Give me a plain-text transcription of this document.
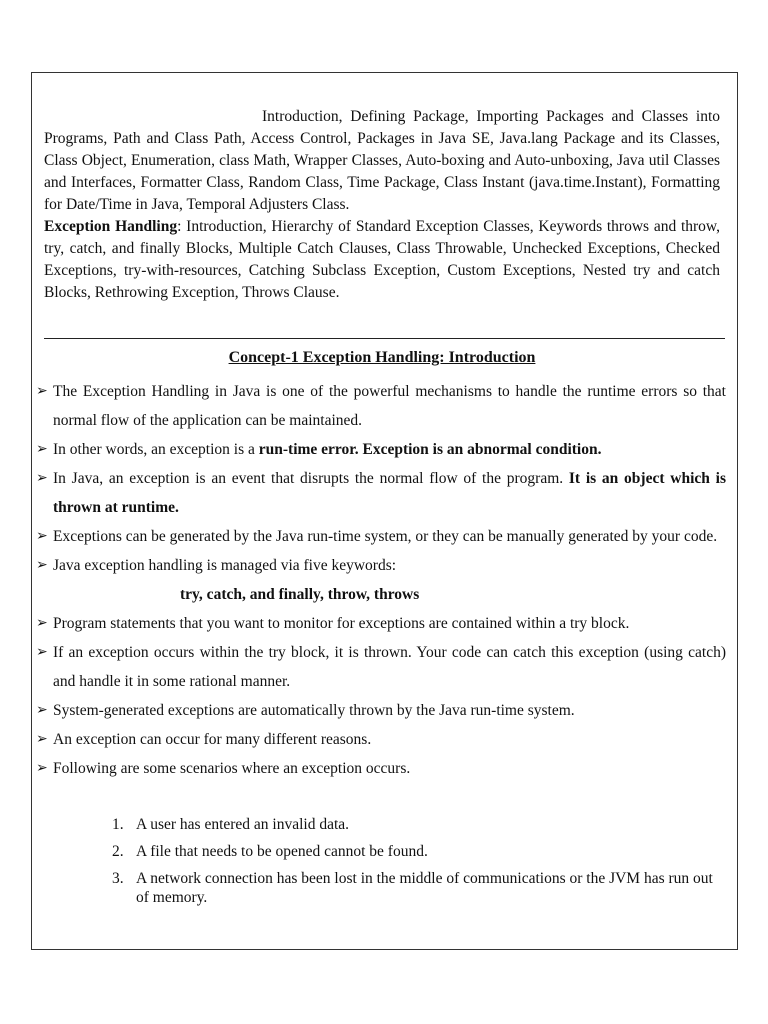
Introduction, Defining Package, Importing Packages and Classes into Programs, Path and Class Path, Access Control, Packages in Java SE, Java.lang Package and its Classes, Class Object, Enumeration, class Math, Wrapper Classes, Auto-boxing and Auto-unboxing, Java util Classes and Interfaces, Formatter Class, Random Class, Time Package, Class Instant (java.time.Instant), Formatting for Date/Time in Java, Temporal Adjusters Class.

Exception Handling: Introduction, Hierarchy of Standard Exception Classes, Keywords throws and throw, try, catch, and finally Blocks, Multiple Catch Clauses, Class Throwable, Unchecked Exceptions, Checked Exceptions, try-with-resources, Catching Subclass Exception, Custom Exceptions, Nested try and catch Blocks, Rethrowing Exception, Throws Clause.

Concept-1 Exception Handling: Introduction
➢ The Exception Handling in Java is one of the powerful mechanisms to handle the runtime errors so that normal flow of the application can be maintained.
➢ In other words, an exception is a run-time error. Exception is an abnormal condition.
➢ In Java, an exception is an event that disrupts the normal flow of the program. It is an object which is thrown at runtime.
➢ Exceptions can be generated by the Java run-time system, or they can be manually generated by your code.
➢ Java exception handling is managed via five keywords:
try, catch, and finally, throw, throws
➢ Program statements that you want to monitor for exceptions are contained within a try block.
➢ If an exception occurs within the try block, it is thrown. Your code can catch this exception (using catch) and handle it in some rational manner.
➢ System-generated exceptions are automatically thrown by the Java run-time system.
➢ An exception can occur for many different reasons.
➢ Following are some scenarios where an exception occurs.
1. A user has entered an invalid data.
2. A file that needs to be opened cannot be found.
3. A network connection has been lost in the middle of communications or the JVM has run out of memory.
